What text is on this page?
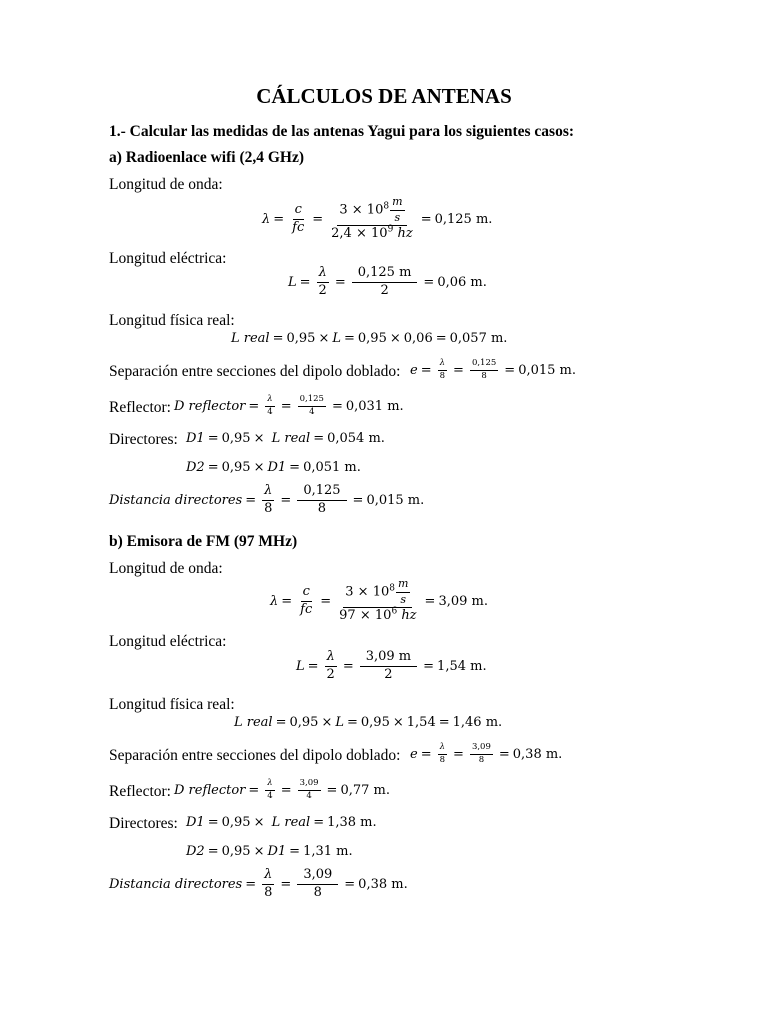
CÁLCULOS DE ANTENAS
1.- Calcular las medidas de las antenas Yagui para los siguientes casos:
a) Radioenlace wifi (2,4 GHz)
Longitud de onda:
$\lambda = \frac{c}{fc} = \frac{3 \times 10^8 \frac{m}{s}}{2,4 \times 10^9 hz} = 0,125$ m.
Longitud eléctrica:
$L = \frac{\lambda}{2} = \frac{0,125 m}{2} = 0,06$ m.
Longitud física real:
L real = 0,95 × L = 0,95 × 0,06 = 0,057 m.
Separación entre secciones del dipolo doblado: $e = \frac{\lambda}{8} = \frac{0,125}{8} = 0,015$ m.
Reflector: D reflector = $\frac{\lambda}{4} = \frac{0,125}{4} = 0,031$ m.
Directores: D1 = 0,95 ×
L real = 0,054 m.
D2 = 0,95 × D1 = 0,051 m.
Distancia directores = $\frac{\lambda}{8} = \frac{0,125}{8} = 0,015$ m.
b) Emisora de FM (97 MHz)
Longitud de onda:
$\lambda = \frac{c}{fc} = \frac{3 \times 10^8 \frac{m}{s}}{97 \times 10^6 hz} = 3,09$ m.
Longitud eléctrica:
$L = \frac{\lambda}{2} = \frac{3,09 m}{2} = 1,54$ m.
Longitud física real:
L real = 0,95 × L = 0,95 × 1,54 = 1,46 m.
Separación entre secciones del dipolo doblado: $e = \frac{\lambda}{8} = \frac{3,09}{8} = 0,38$ m.
Reflector: D reflector = $\frac{\lambda}{4} = \frac{3,09}{4} = 0,77$ m.
Directores: D1 = 0,95 ×
L real = 1,38 m.
D2 = 0,95 × D1 = 1,31 m.
Distancia directores = $\frac{\lambda}{8} = \frac{3,09}{8} = 0,38$ m.
